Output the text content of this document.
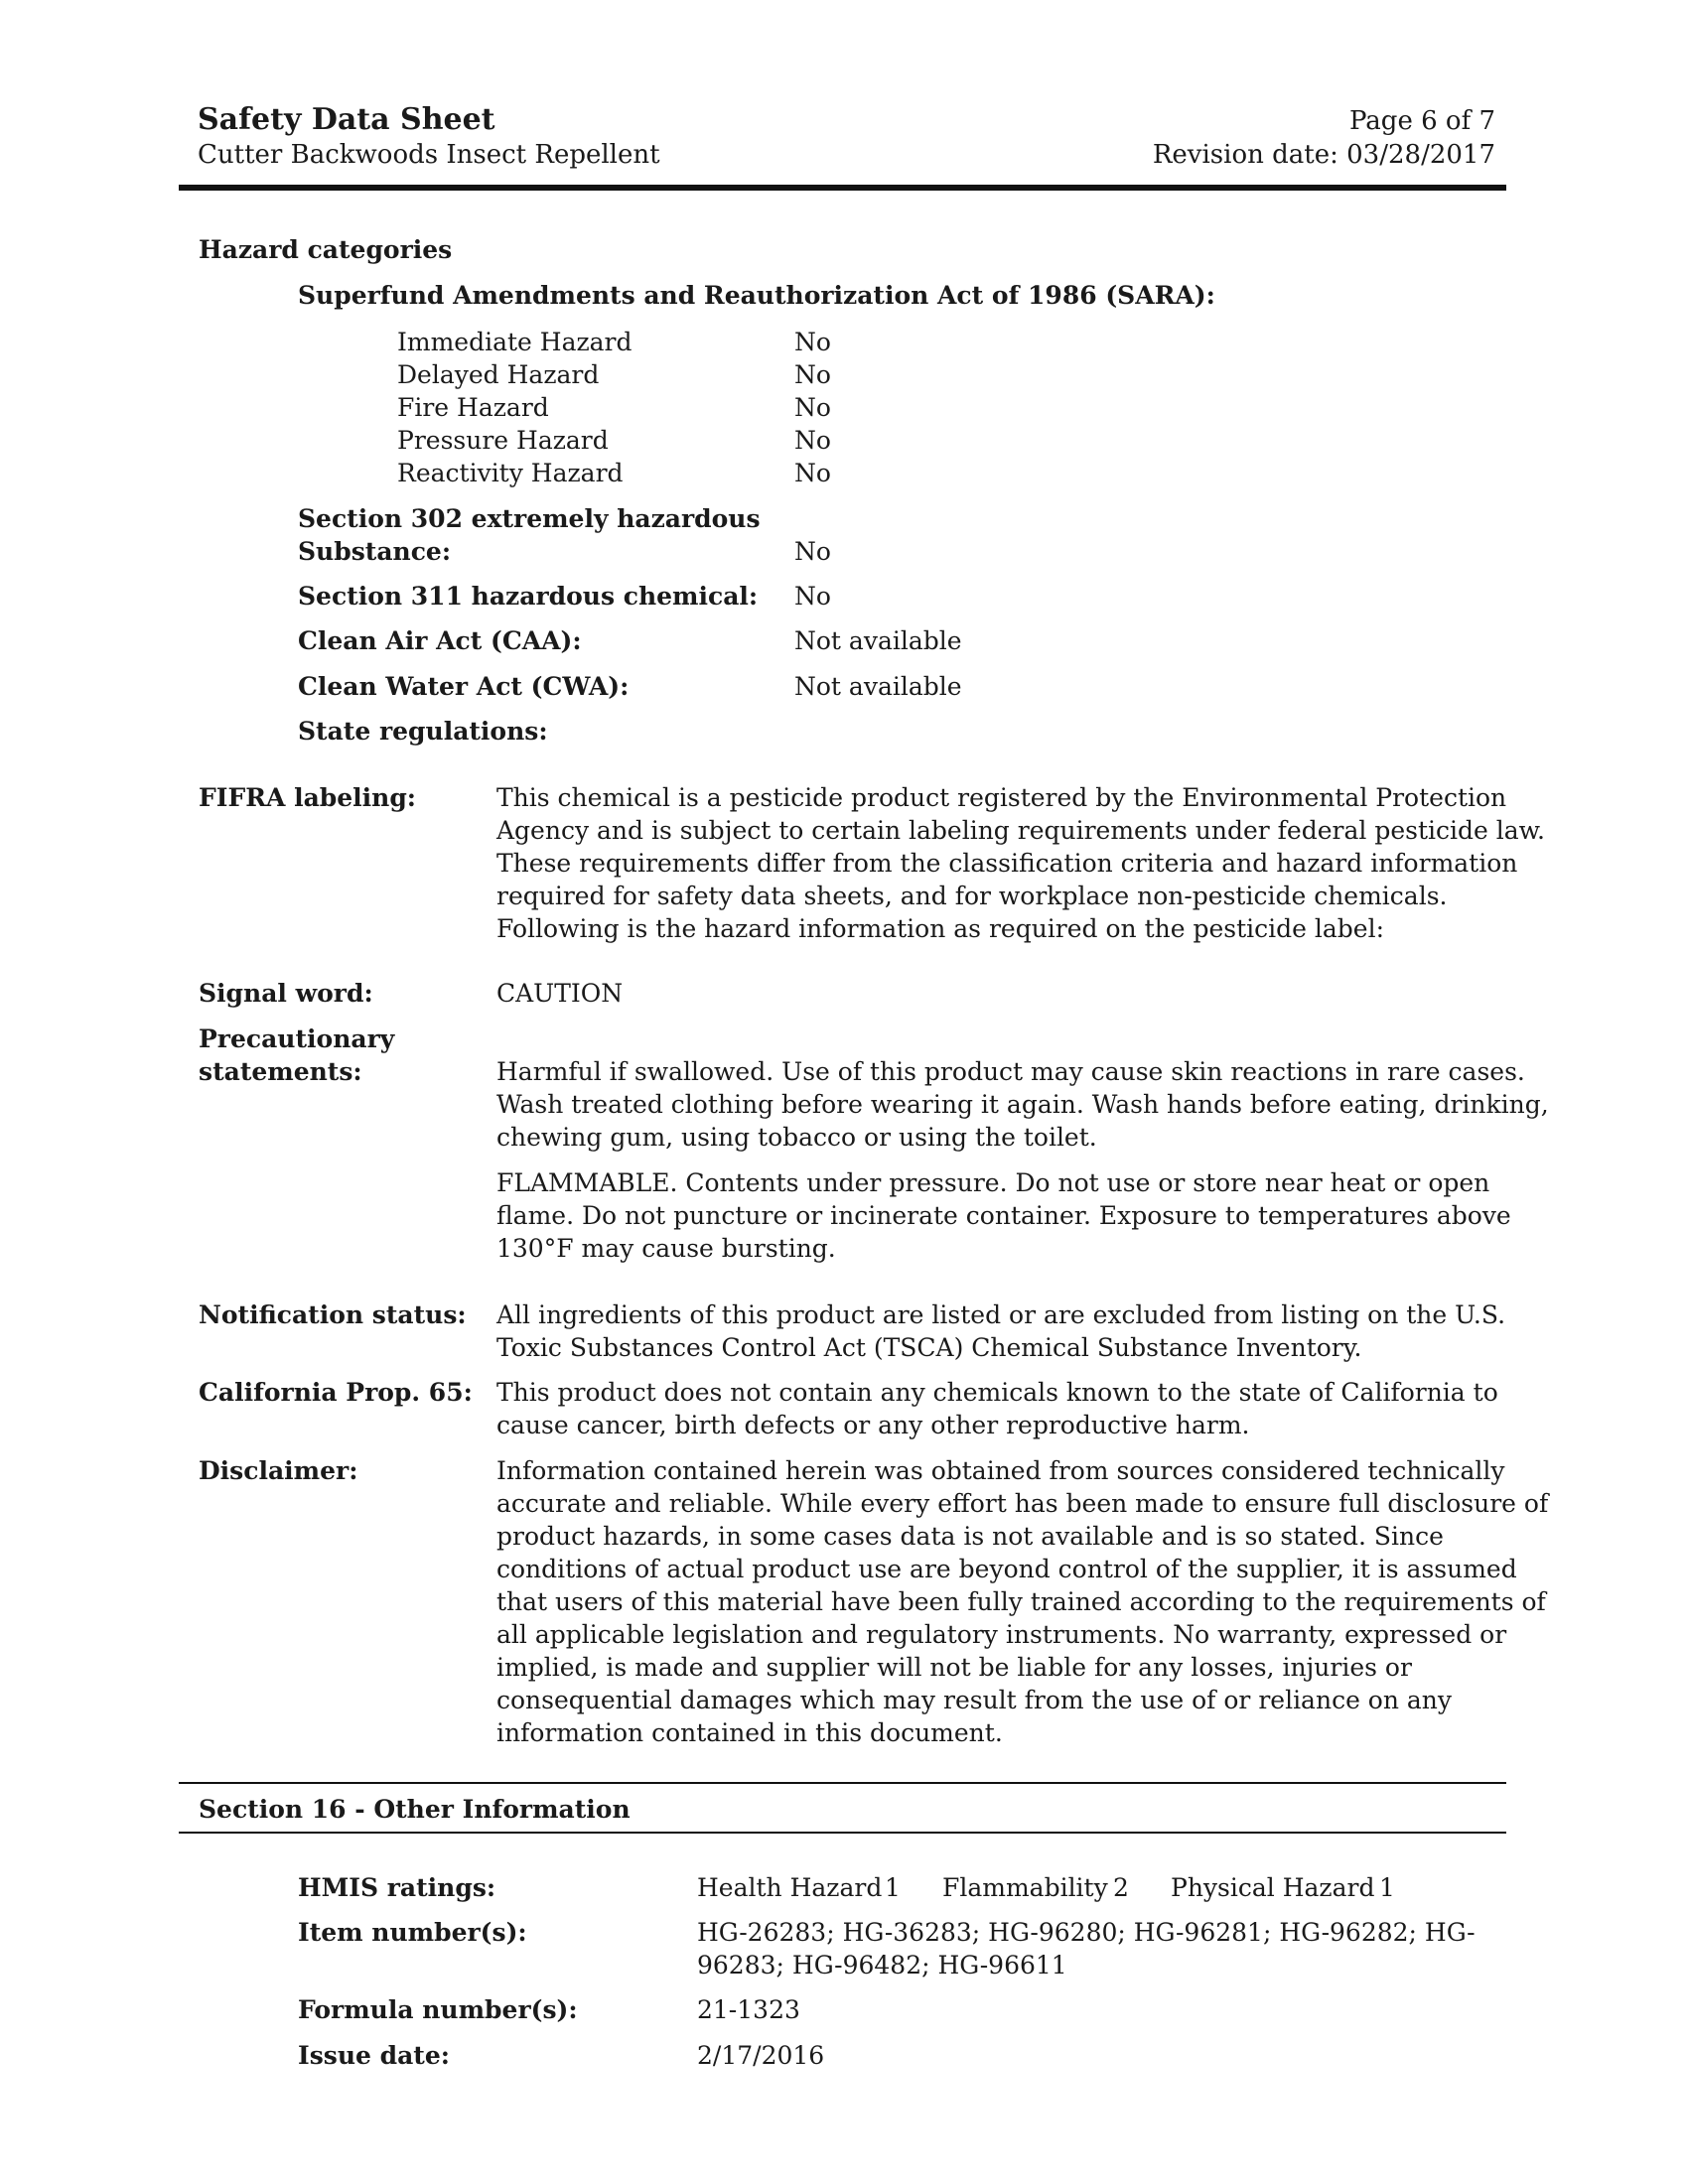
Safety Data Sheet
Cutter Backwoods Insect Repellent
Page 6 of 7
Revision date: 03/28/2017
Hazard categories
Superfund Amendments and Reauthorization Act of 1986 (SARA):
Immediate Hazard	No
Delayed Hazard	No
Fire Hazard	No
Pressure Hazard	No
Reactivity Hazard	No
Section 302 extremely hazardous
Substance:	No
Section 311 hazardous chemical: No
Clean Air Act (CAA):	Not available
Clean Water Act (CWA):	Not available
State regulations:
FIFRA labeling:	This chemical is a pesticide product registered by the Environmental Protection
Agency and is subject to certain labeling requirements under federal pesticide law.
These requirements differ from the classification criteria and hazard information
required for safety data sheets, and for workplace non-pesticide chemicals.
Following is the hazard information as required on the pesticide label:
Signal word:	CAUTION
Precautionary
statements:	Harmful if swallowed. Use of this product may cause skin reactions in rare cases.
Wash treated clothing before wearing it again. Wash hands before eating, drinking,
chewing gum, using tobacco or using the toilet.
FLAMMABLE. Contents under pressure. Do not use or store near heat or open
flame. Do not puncture or incinerate container. Exposure to temperatures above
130°F may cause bursting.
Notification status: All ingredients of this product are listed or are excluded from listing on the U.S.
Toxic Substances Control Act (TSCA) Chemical Substance Inventory.
California Prop. 65: This product does not contain any chemicals known to the state of California to
cause cancer, birth defects or any other reproductive harm.
Disclaimer:	Information contained herein was obtained from sources considered technically
accurate and reliable. While every effort has been made to ensure full disclosure of
product hazards, in some cases data is not available and is so stated. Since
conditions of actual product use are beyond control of the supplier, it is assumed
that users of this material have been fully trained according to the requirements of
all applicable legislation and regulatory instruments. No warranty, expressed or
implied, is made and supplier will not be liable for any losses, injuries or
consequential damages which may result from the use of or reliance on any
information contained in this document.
Section 16 - Other Information
HMIS ratings:	Health Hazard 1 Flammability 2 Physical Hazard 1
Item number(s):	HG-26283; HG-36283; HG-96280; HG-96281; HG-96282; HG-
96283; HG-96482; HG-96611
Formula number(s):	21-1323
Issue date:	2/17/2016
